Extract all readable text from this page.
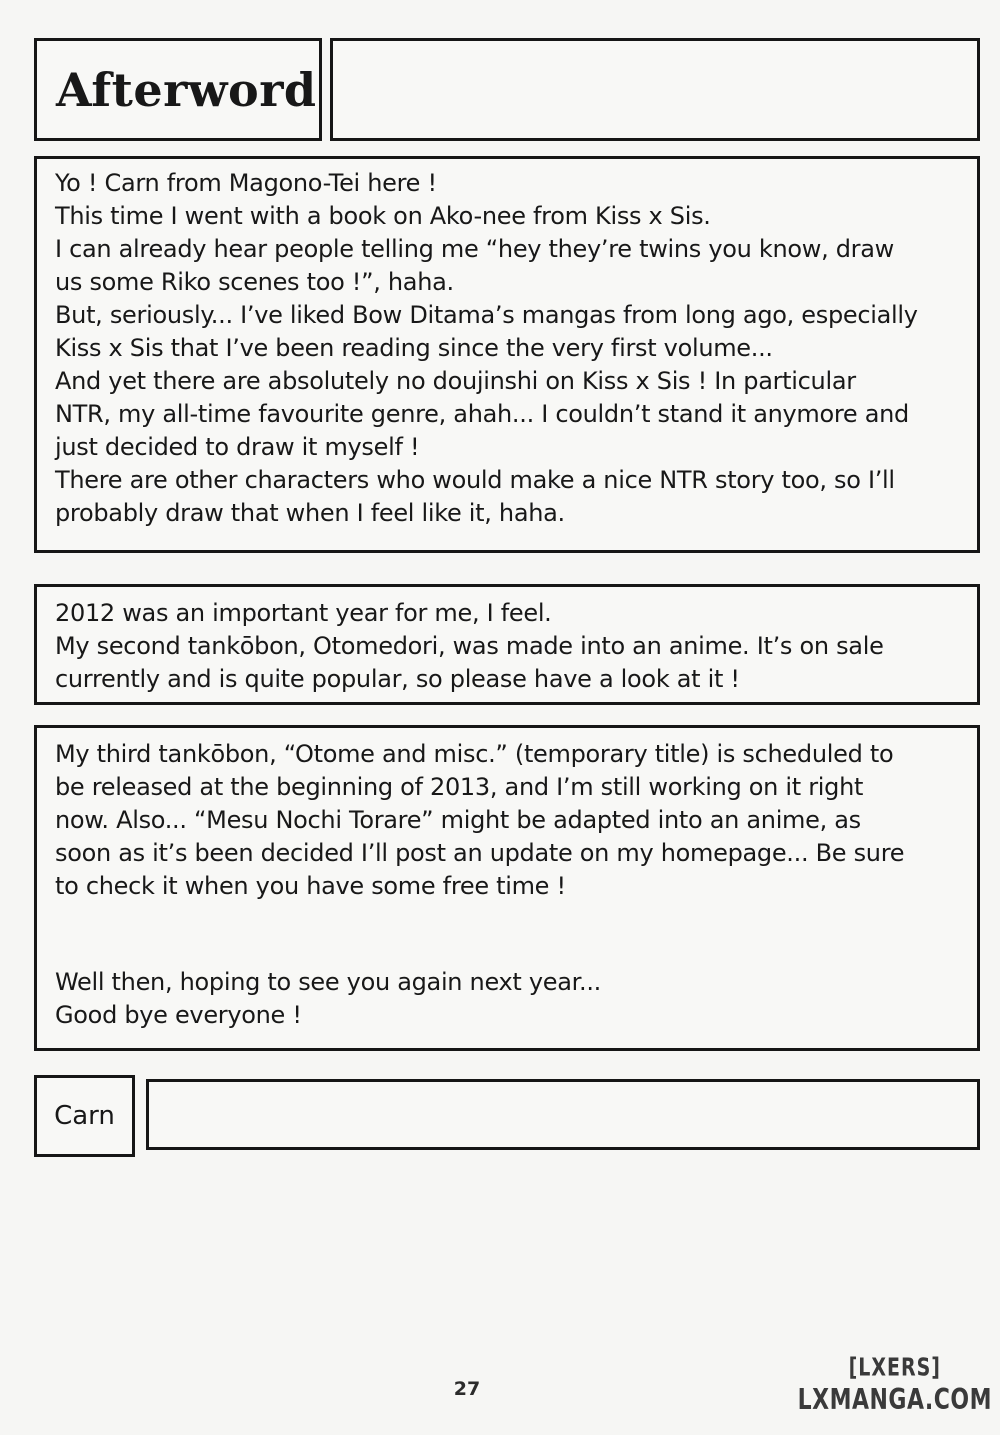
Afterword
Yo ! Carn from Magono-Tei here !
This time I went with a book on Ako-nee from Kiss x Sis.
I can already hear people telling me “hey they’re twins you know, draw
us some Riko scenes too !”, haha.
But, seriously... I’ve liked Bow Ditama’s mangas from long ago, especially
Kiss x Sis that I’ve been reading since the very first volume...
And yet there are absolutely no doujinshi on Kiss x Sis ! In particular
NTR, my all-time favourite genre, ahah... I couldn’t stand it anymore and
just decided to draw it myself !
There are other characters who would make a nice NTR story too, so I’ll
probably draw that when I feel like it, haha.
2012 was an important year for me, I feel.
My second tankōbon, Otomedori, was made into an anime. It’s on sale
currently and is quite popular, so please have a look at it !
My third tankōbon, “Otome and misc.” (temporary title) is scheduled to
be released at the beginning of 2013, and I’m still working on it right
now. Also... “Mesu Nochi Torare” might be adapted into an anime, as
soon as it’s been decided I’ll post an update on my homepage... Be sure
to check it when you have some free time !
Well then, hoping to see you again next year...
Good bye everyone !
Carn
27
[LXERS]
LXMANGA.COM
